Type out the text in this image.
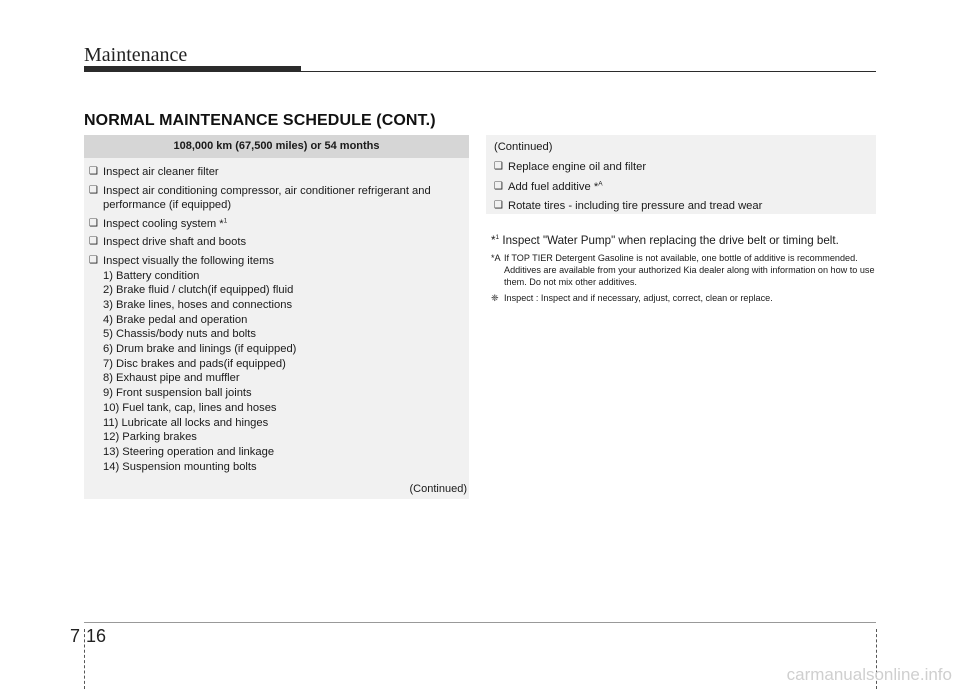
Maintenance
NORMAL MAINTENANCE SCHEDULE (CONT.)
108,000 km (67,500 miles) or 54 months
❑ Inspect air cleaner filter
❑ Inspect air conditioning compressor, air conditioner refrigerant and performance (if equipped)
❑ Inspect cooling system *$^1$
❑ Inspect drive shaft and boots
❑ Inspect visually the following items
1) Battery condition
2) Brake fluid / clutch(if equipped) fluid
3) Brake lines, hoses and connections
4) Brake pedal and operation
5) Chassis/body nuts and bolts
6) Drum brake and linings (if equipped)
7) Disc brakes and pads(if equipped)
8) Exhaust pipe and muffler
9) Front suspension ball joints
10) Fuel tank, cap, lines and hoses
11) Lubricate all locks and hinges
12) Parking brakes
13) Steering operation and linkage
14) Suspension mounting bolts
(Continued)
(Continued)
❑ Replace engine oil and filter
❑ Add fuel additive *$^A$
❑ Rotate tires - including tire pressure and tread wear
*$^1$ Inspect "Water Pump" when replacing the drive belt or timing belt.
*A If TOP TIER Detergent Gasoline is not available, one bottle of additive is recommended. Additives are available from your authorized Kia dealer along with information on how to use them. Do not mix other additives.
❈ Inspect : Inspect and if necessary, adjust, correct, clean or replace.
7 16
carmanualsonline.info
